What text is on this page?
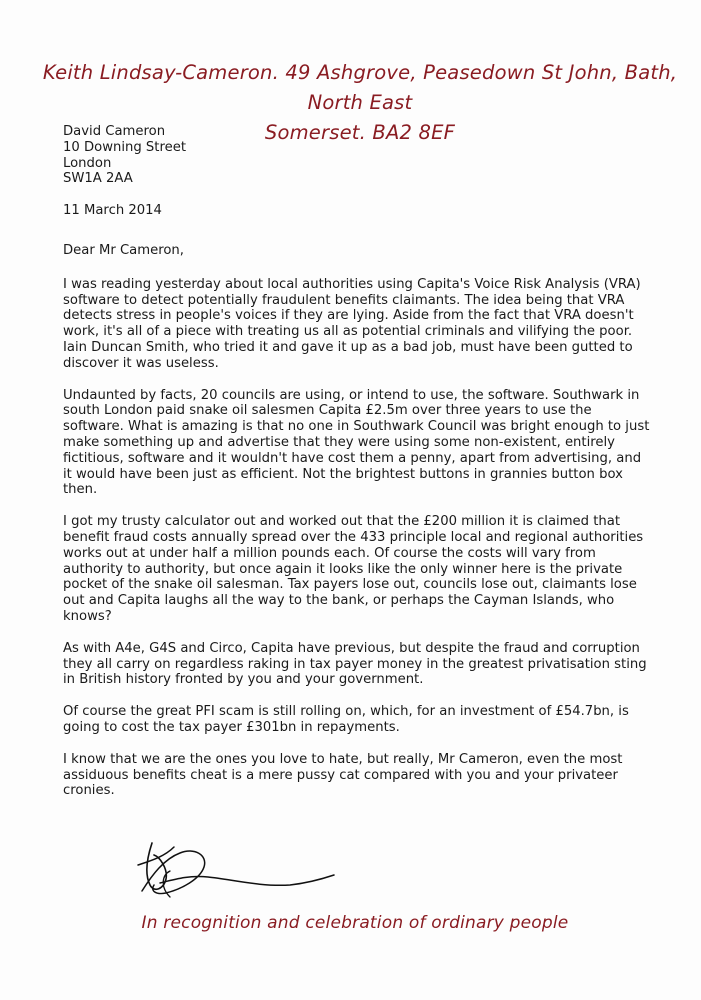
Keith Lindsay-Cameron. 49 Ashgrove, Peasedown St John, Bath, North East
Somerset. BA2 8EF
David Cameron
10 Downing Street
London
SW1A 2AA
11 March 2014
Dear Mr Cameron,

I was reading yesterday about local authorities using Capita's Voice Risk Analysis (VRA) software to detect potentially fraudulent benefits claimants. The idea being that VRA detects stress in people's voices if they are lying. Aside from the fact that VRA doesn't work, it's all of a piece with treating us all as potential criminals and vilifying the poor. Iain Duncan Smith, who tried it and gave it up as a bad job, must have been gutted to discover it was useless.

Undaunted by facts, 20 councils are using, or intend to use, the software. Southwark in south London paid snake oil salesmen Capita £2.5m over three years to use the software. What is amazing is that no one in Southwark Council was bright enough to just make something up and advertise that they were using some non-existent, entirely fictitious, software and it wouldn't have cost them a penny, apart from advertising, and it would have been just as efficient. Not the brightest buttons in grannies button box then.

I got my trusty calculator out and worked out that the £200 million it is claimed that benefit fraud costs annually spread over the 433 principle local and regional authorities works out at under half a million pounds each. Of course the costs will vary from authority to authority, but once again it looks like the only winner here is the private pocket of the snake oil salesman. Tax payers lose out, councils lose out, claimants lose out and Capita laughs all the way to the bank, or perhaps the Cayman Islands, who knows?

As with A4e, G4S and Circo, Capita have previous, but despite the fraud and corruption they all carry on regardless raking in tax payer money in the greatest privatisation sting in British history fronted by you and your government.

Of course the great PFI scam is still rolling on, which, for an investment of £54.7bn, is going to cost the tax payer £301bn in repayments.

I know that we are the ones you love to hate, but really, Mr Cameron, even the most assiduous benefits cheat is a mere pussy cat compared with you and your privateer cronies.

In recognition and celebration of ordinary people
